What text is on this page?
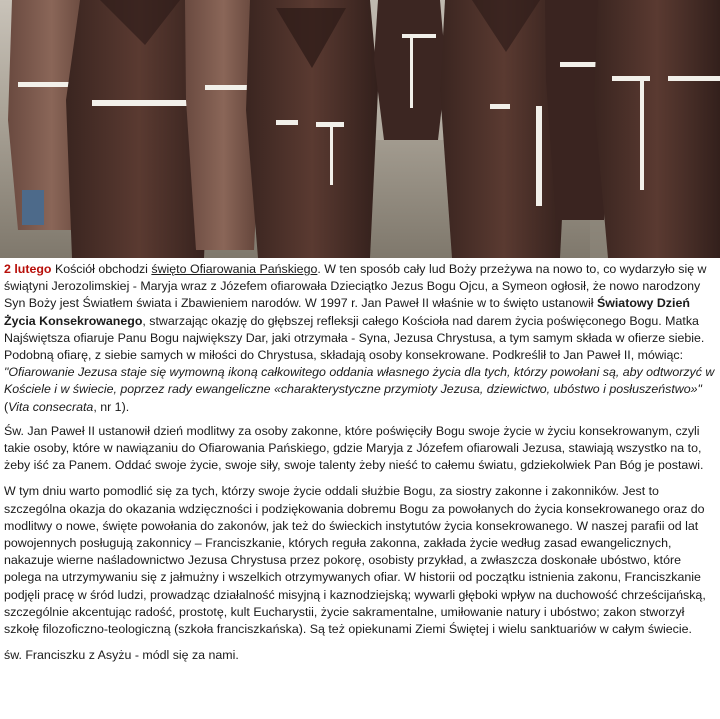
2 lutego Kościół obchodzi święto Ofiarowania Pańskiego. W ten sposób cały lud Boży przeżywa na nowo to, co wydarzyło się w świątyni Jerozolimskiej - Maryja wraz z Józefem ofiarowała Dzieciątko Jezus Bogu Ojcu, a Symeon ogłosił, że nowo narodzony Syn Boży jest Światłem świata i Zbawieniem narodów. W 1997 r. Jan Paweł II właśnie w to święto ustanowił Światowy Dzień Życia Konsekrowanego, stwarzając okazję do głębszej refleksji całego Kościoła nad darem życia poświęconego Bogu. Matka Najświętsza ofiaruje Panu Bogu największy Dar, jaki otrzymała - Syna, Jezusa Chrystusa, a tym samym składa w ofierze siebie. Podobną ofiarę, z siebie samych w miłości do Chrystusa, składają osoby konsekrowane. Podkreślił to Jan Paweł II, mówiąc:
"Ofiarowanie Jezusa staje się wymowną ikoną całkowitego oddania własnego życia dla tych, którzy powołani są, aby odtworzyć w Kościele i w świecie, poprzez rady ewangeliczne «charakterystyczne przymioty Jezusa, dziewictwo, ubóstwo i posłuszeństwo»" (Vita consecrata, nr 1).

Św. Jan Paweł II ustanowił dzień modlitwy za osoby zakonne, które poświęciły Bogu swoje życie w życiu konsekrowanym, czyli takie osoby, które w nawiązaniu do Ofiarowania Pańskiego, gdzie Maryja z Józefem ofiarowali Jezusa, stawiają wszystko na to, żeby iść za Panem. Oddać swoje życie, swoje siły, swoje talenty żeby nieść to całemu światu, gdziekolwiek Pan Bóg je postawi.

W tym dniu warto pomodlić się za tych, którzy swoje życie oddali służbie Bogu, za siostry zakonne i zakonników. Jest to szczególna okazja do okazania wdzięczności i podziękowania dobremu Bogu za powołanych do życia konsekrowanego oraz do modlitwy o nowe, święte powołania do zakonów, jak też do świeckich instytutów życia konsekrowanego. W naszej parafii od lat powojennych posługują zakonnicy – Franciszkanie, których reguła zakonna, zakłada życie według zasad ewangelicznych, nakazuje wierne naśladownictwo Jezusa Chrystusa przez pokorę, osobisty przykład, a zwłaszcza doskonałe ubóstwo, które polega na utrzymywaniu się z jałmużny i wszelkich otrzymywanych ofiar. W historii od początku istnienia zakonu, Franciszkanie podjęli pracę w śród ludzi, prowadząc działalność misyjną i kaznodziejską; wywarli głęboki wpływ na duchowość chrześcijańską, szczególnie akcentując radość, prostotę, kult Eucharystii, życie sakramentalne, umiłowanie natury i ubóstwo; zakon stworzył szkołę filozoficzno-teologiczną (szkoła franciszkańska). Są też opiekunami Ziemi Świętej i wielu sanktuariów w całym świecie.

św. Franciszku z Asyżu - módl się za nami.
